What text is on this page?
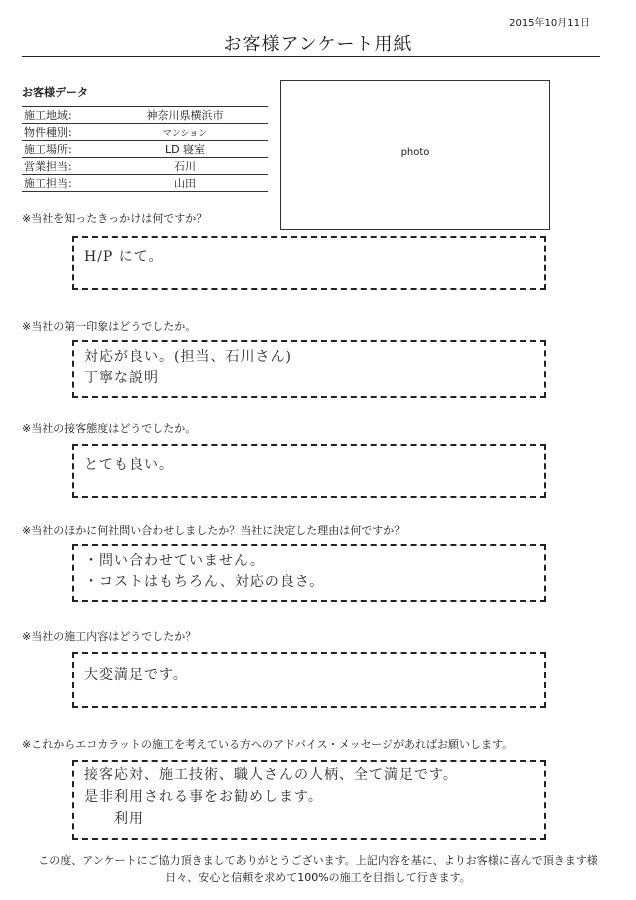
2015年10月11日
お客様アンケート用紙
お客様データ
施工地域:	神奈川県横浜市
物件種別:	マンション
施工場所:	LD 寝室
営業担当:	石川
施工担当:	山田
photo
※当社を知ったきっかけは何ですか？
H/P にて。
※当社の第一印象はどうでしたか。
対応が良い。(担当、石川さん)
丁寧な説明
※当社の接客態度はどうでしたか。
とても良い。
※当社のほかに何社問い合わせしましたか？当社に決定した理由は何ですか？
・問い合わせていません。
・コストはもちろん、対応の良さ。
※当社の施工内容はどうでしたか？
大変満足です。
※これからエコカラットの施工を考えている方へのアドバイス・メッセージがあればお願いします。
接客応対、施工技術、職人さんの人柄、全て満足です。
是非利用される事をお勧めします。
利用
この度、アンケートにご協力頂きましてありがとうございます。上記内容を基に、よりお客様に喜んで頂きます様
日々、安心と信頼を求めて100%の施工を目指して行きます。
